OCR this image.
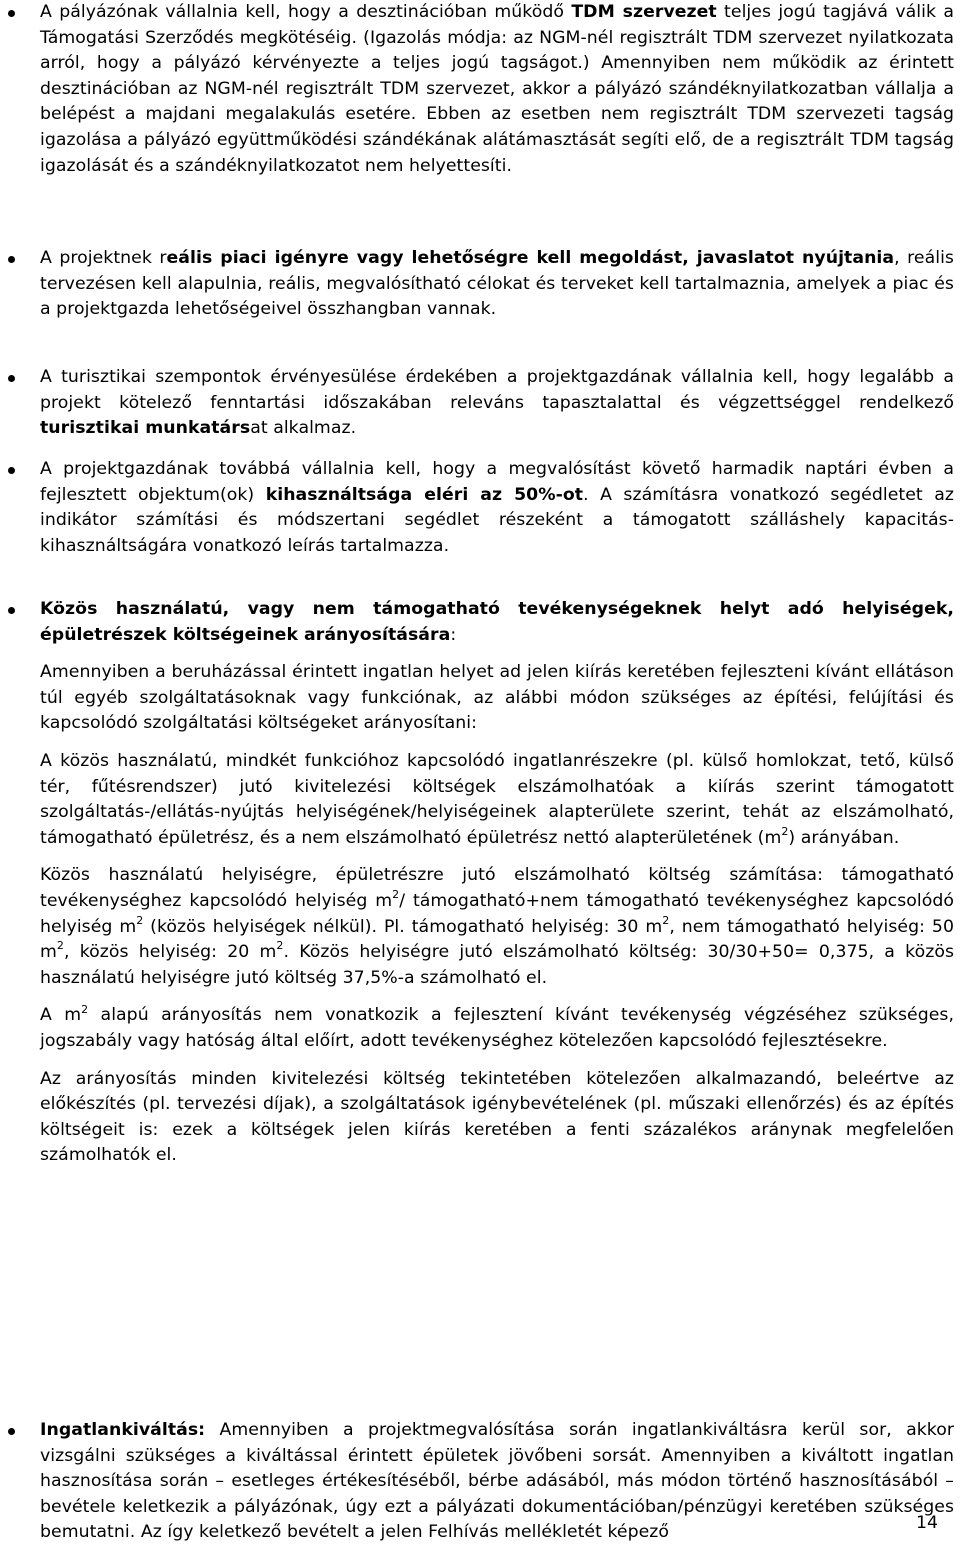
A pályázónak vállalnia kell, hogy a desztinációban működő TDM szervezet teljes jogú tagjává válik a Támogatási Szerződés megkötéséig. (Igazolás módja: az NGM-nél regisztrált TDM szervezet nyilatkozata arról, hogy a pályázó kérvényezte a teljes jogú tagságot.) Amennyiben nem működik az érintett desztinációban az NGM-nél regisztrált TDM szervezet, akkor a pályázó szándéknyilatkozatban vállalja a belépést a majdani megalakulás esetére. Ebben az esetben nem regisztrált TDM szervezeti tagság igazolása a pályázó együttműködési szándékának alátámasztását segíti elő, de a regisztrált TDM tagság igazolását és a szándéknyilatkozatot nem helyettesíti.

A projektnek reális piaci igényre vagy lehetőségre kell megoldást, javaslatot nyújtania, reális tervezésen kell alapulnia, reális, megvalósítható célokat és terveket kell tartalmaznia, amelyek a piac és a projektgazda lehetőségeivel összhangban vannak.

A turisztikai szempontok érvényesülése érdekében a projektgazdának vállalnia kell, hogy legalább a projekt kötelező fenntartási időszakában releváns tapasztalattal és végzettséggel rendelkező turisztikai munkatársat alkalmaz.

A projektgazdának továbbá vállalnia kell, hogy a megvalósítást követő harmadik naptári évben a fejlesztett objektum(ok) kihasználtsága eléri az 50%-ot. A számításra vonatkozó segédletet az indikátor számítási és módszertani segédlet részeként a támogatott szálláshely kapacitás-kihasználtságára vonatkozó leírás tartalmazza.

Közös használatú, vagy nem támogatható tevékenységeknek helyt adó helyiségek, épületrészek költségeinek arányosítására:

Amennyiben a beruházással érintett ingatlan helyet ad jelen kiírás keretében fejleszteni kívánt ellátáson túl egyéb szolgáltatásoknak vagy funkciónak, az alábbi módon szükséges az építési, felújítási és kapcsolódó szolgáltatási költségeket arányosítani:

A közös használatú, mindkét funkcióhoz kapcsolódó ingatlanrészekre (pl. külső homlokzat, tető, külső tér, fűtésrendszer) jutó kivitelezési költségek elszámolhatóak a kiírás szerint támogatott szolgáltatás-/ellátás-nyújtás helyiségének/helyiségeinek alapterülete szerint, tehát az elszámolható, támogatható épületrész, és a nem elszámolható épületrész nettó alapterületének $(m^2)$ arányában.

Közös használatú helyiségre, épületrészre jutó elszámolható költség számítása: támogatható tevékenységhez kapcsolódó helyiség $m^2/$ támogatható+nem támogatható tevékenységhez kapcsolódó helyiség $m^2$ (közös helyiségek nélkül). Pl. támogatható helyiség: 30 $m^2$, nem támogatható helyiség: 50 $m^2$, közös helyiség: 20 $m^2$. Közös helyiségre jutó elszámolható költség: 30/30+50= 0,375, a közös használatú helyiségre jutó költség 37,5%-a számolható el.

A $m^2$ alapú arányosítás nem vonatkozik a fejlesztení kívánt tevékenység végzéséhez szükséges, jogszabály vagy hatóság által előírt, adott tevékenységhez kötelezően kapcsolódó fejlesztésekre.

Az arányosítás minden kivitelezési költség tekintetében kötelezően alkalmazandó, beleértve az előkészítés (pl. tervezési díjak), a szolgáltatások igénybevételének (pl. műszaki ellenőrzés) és az építés költségeit is: ezek a költségek jelen kiírás keretében a fenti százalékos aránynak megfelelően számolhatók el.

Ingatlankiváltás: Amennyiben a projektmegvalósítása során ingatlankiváltásra kerül sor, akkor vizsgálni szükséges a kiváltással érintett épületek jövőbeni sorsát. Amennyiben a kiváltott ingatlan hasznosítása során – esetleges értékesítéséből, bérbe adásából, más módon történő hasznosításából – bevétele keletkezik a pályázónak, úgy ezt a pályázati dokumentációban/pénzügyi keretében szükséges bemutatni. Az így keletkező bevételt a jelen Felhívás mellékletét képező	14
